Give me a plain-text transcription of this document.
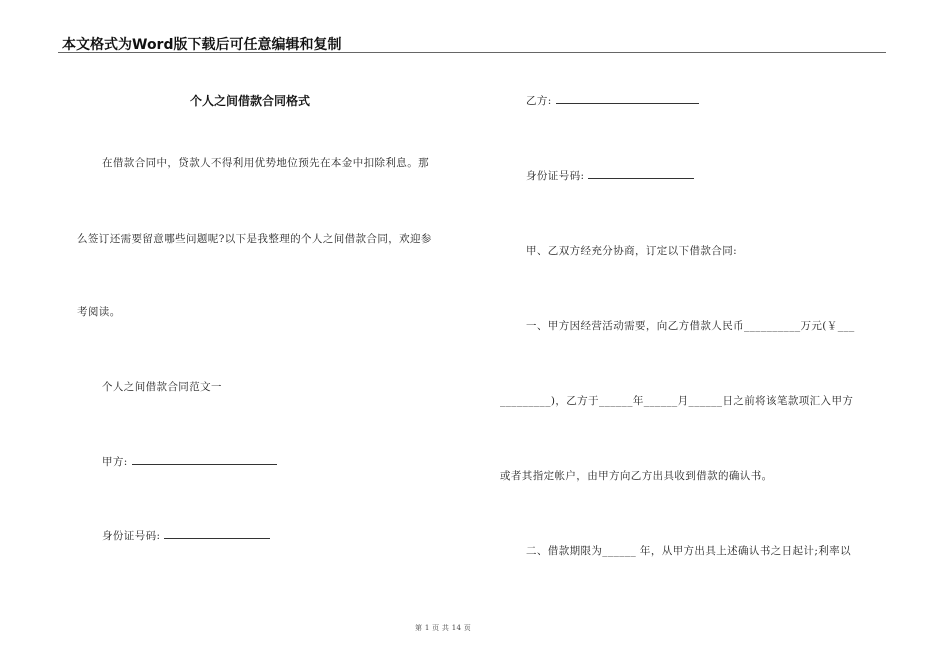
本文格式为Word版下载后可任意编辑和复制
个人之间借款合同格式
在借款合同中，贷款人不得利用优势地位预先在本金中扣除利息。那
么签订还需要留意哪些问题呢?以下是我整理的个人之间借款合同，欢迎参
考阅读。
个人之间借款合同范文一
甲方:
身份证号码:
乙方:
身份证号码:
甲、乙双方经充分协商，订定以下借款合同:
一、甲方因经营活动需要，向乙方借款人民币__________万元(￥___
_________)，乙方于______年______月______日之前将该笔款项汇入甲方
或者其指定帐户，由甲方向乙方出具收到借款的确认书。
二、借款期限为______ 年，从甲方出具上述确认书之日起计;利率以
第 1 页 共 14 页
